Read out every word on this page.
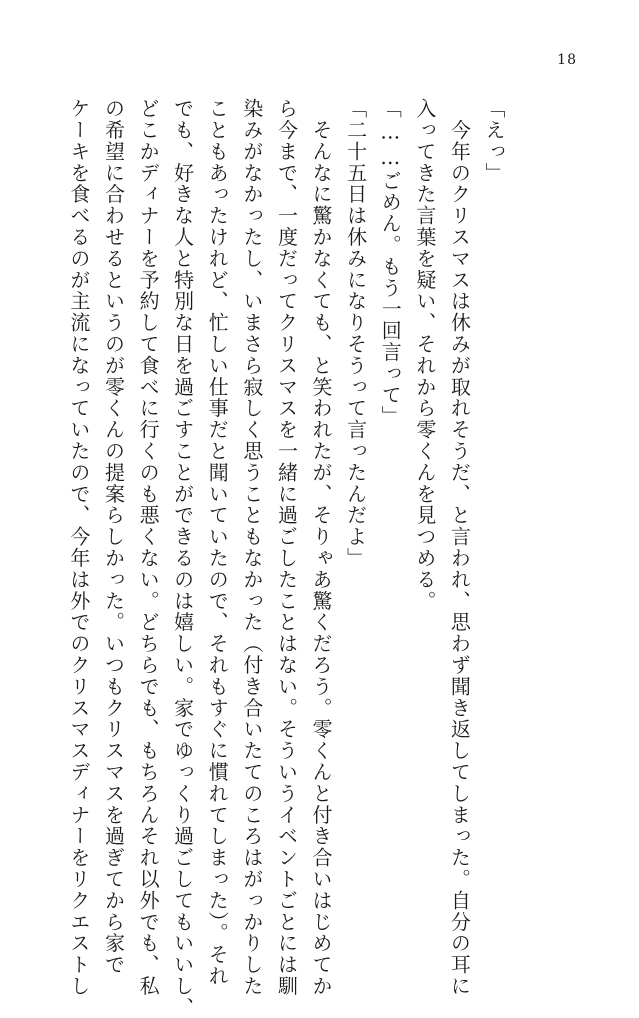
18

「えっ」

　今年のクリスマスは休みが取れそうだ、と言われ、思わず聞き返してしまった。自分の耳に

入ってきた言葉を疑い、それから零くんを見つめる。

「……ごめん。もう一回言って」

「二十五日は休みになりそうって言ったんだよ」

　そんなに驚かなくても、と笑われたが、そりゃあ驚くだろう。零くんと付き合いはじめてか

ら今まで、一度だってクリスマスを一緒に過ごしたことはない。そういうイベントごとには馴

染みがなかったし、いまさら寂しく思うこともなかった（付き合いたてのころはがっかりした

こともあったけれど、忙しい仕事だと聞いていたので、それもすぐに慣れてしまった）。それ

でも、好きな人と特別な日を過ごすことができるのは嬉しい。家でゆっくり過ごしてもいいし、

どこかディナーを予約して食べに行くのも悪くない。どちらでも、もちろんそれ以外でも、私

の希望に合わせるというのが零くんの提案らしかった。いつもクリスマスを過ぎてから家で

ケーキを食べるのが主流になっていたので、今年は外でのクリスマスディナーをリクエストし
